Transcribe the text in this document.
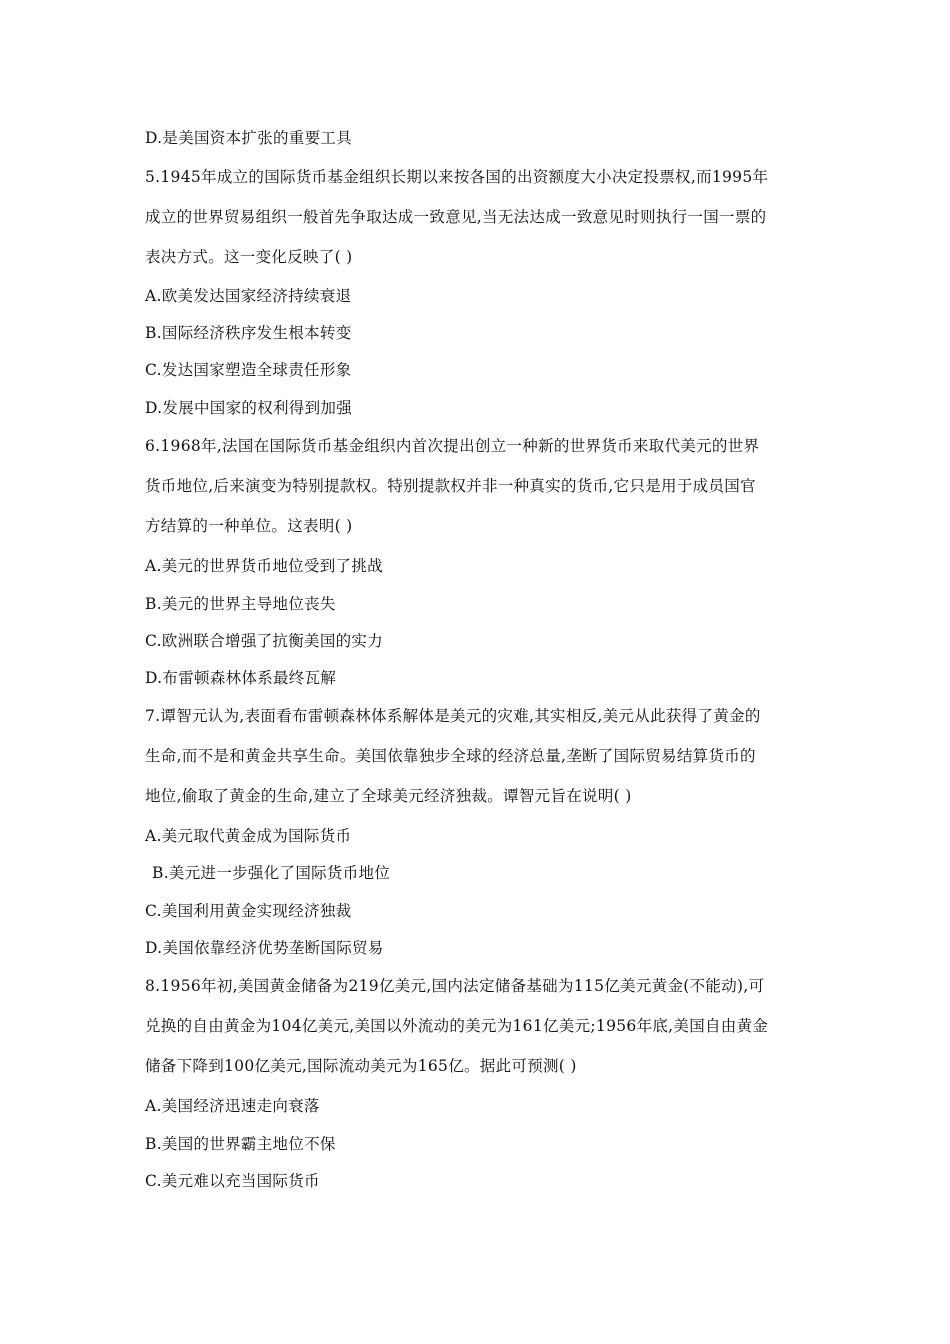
D.是美国资本扩张的重要工具
5.1945年成立的国际货币基金组织长期以来按各国的出资额度大小决定投票权,而1995年
成立的世界贸易组织一般首先争取达成一致意见,当无法达成一致意见时则执行一国一票的
表决方式。这一变化反映了( )
A.欧美发达国家经济持续衰退
B.国际经济秩序发生根本转变
C.发达国家塑造全球责任形象
D.发展中国家的权利得到加强
6.1968年,法国在国际货币基金组织内首次提出创立一种新的世界货币来取代美元的世界
货币地位,后来演变为特别提款权。特别提款权并非一种真实的货币,它只是用于成员国官
方结算的一种单位。这表明( )
A.美元的世界货币地位受到了挑战
B.美元的世界主导地位丧失
C.欧洲联合增强了抗衡美国的实力
D.布雷顿森林体系最终瓦解
7.谭智元认为,表面看布雷顿森林体系解体是美元的灾难,其实相反,美元从此获得了黄金的
生命,而不是和黄金共享生命。美国依靠独步全球的经济总量,垄断了国际贸易结算货币的
地位,偷取了黄金的生命,建立了全球美元经济独裁。谭智元旨在说明( )
A.美元取代黄金成为国际货币
B.美元进一步强化了国际货币地位
C.美国利用黄金实现经济独裁
D.美国依靠经济优势垄断国际贸易
8.1956年初,美国黄金储备为219亿美元,国内法定储备基础为115亿美元黄金(不能动),可
兑换的自由黄金为104亿美元,美国以外流动的美元为161亿美元;1956年底,美国自由黄金
储备下降到100亿美元,国际流动美元为165亿。据此可预测( )
A.美国经济迅速走向衰落
B.美国的世界霸主地位不保
C.美元难以充当国际货币
